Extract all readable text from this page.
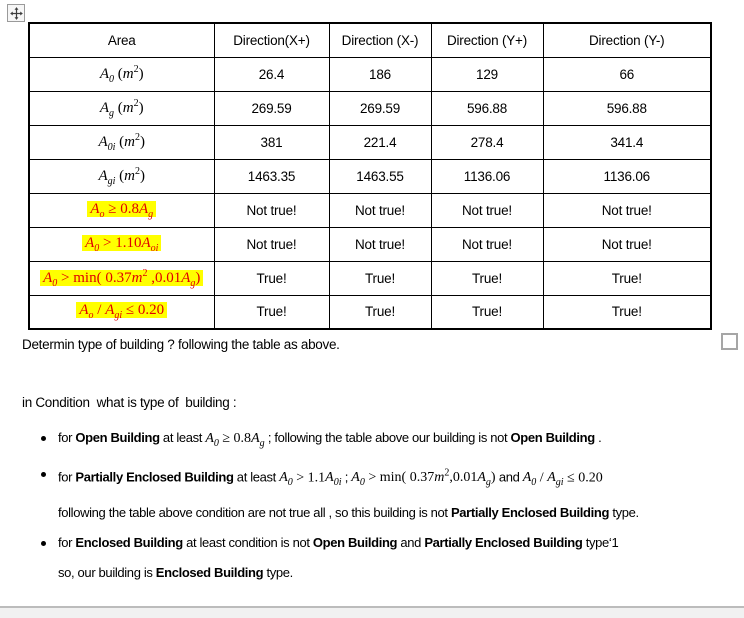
Area	Direction(X+)	Direction (X-)	Direction (Y+)	Direction (Y-)
$A_0$ $(m^2)$	26.4	186	129	66
$A_g$ $(m^2)$	269.59	269.59	596.88	596.88
$A_{0i}$ $(m^2)$	381	221.4	278.4	341.4
$A_{gi}$ $(m^2)$	1463.35	1463.55	1136.06	1136.06
$A_o \ge 0.8A_g$	Not true!	Not true!	Not true!	Not true!
$A_0 > 1.10A_{oi}$	Not true!	Not true!	Not true!	Not true!
$A_0 > \min$( $0.37m^2$ $,0.01A_g$)	True!	True!	True!	True!
$A_o / A_{gi} \le 0.20$	True!	True!	True!	True!

Determin type of building ? following the table as above.

in Condition  what is type of  building :

for Open Building at least $A_0 \ge 0.8A_g$ ; following the table above our building is not Open Building .
for Partially Enclosed Building at least $A_0 > 1.1A_{0i}$ ; $A_0 > \min$( $0.37m^2,0.01A_g$) and $A_0 / A_{gi} \le 0.20$
following the table above condition are not true all , so this building is not Partially Enclosed Building type.
for Enclosed Building at least condition is not Open Building and Partially Enclosed Building type‘1
so, our building is Enclosed Building type.
